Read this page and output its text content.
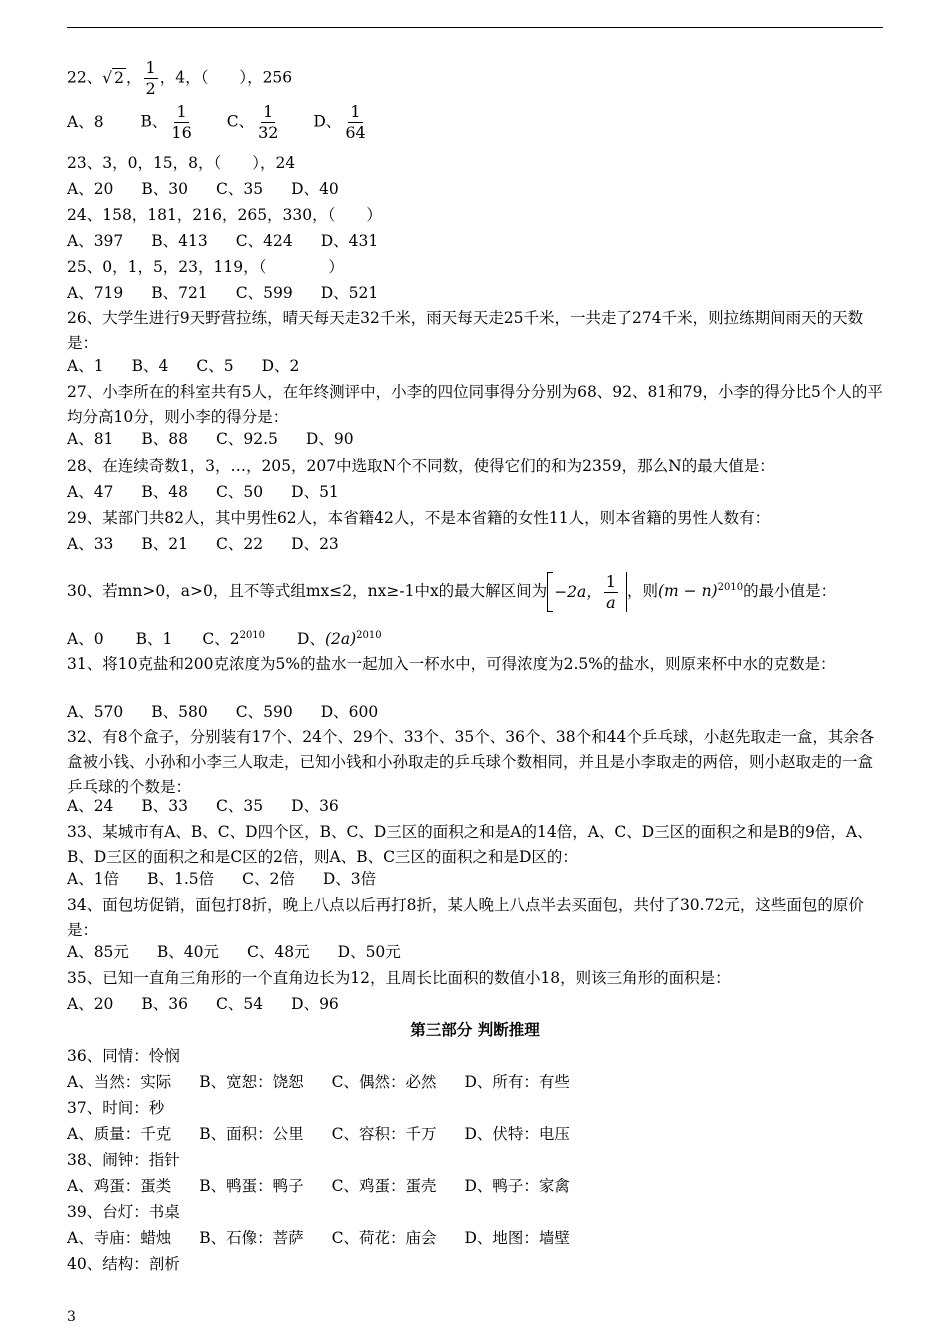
22、√ 2 ， $\frac{1}{2}$ ，4，（　　），256
A、8 B、 $\frac{1}{16}$ C、 $\frac{1}{32}$ D、 $\frac{1}{64}$
23、3，0，15，8，（　　），24
A、20 B、30 C、35 D、40
24、158，181，216，265，330，（　　）
A、397 B、413 C、424 D、431
25、0，1，5，23，119，（　　　　）
A、719 B、721 C、599 D、521
26、大学生进行9天野营拉练，晴天每天走32千米，雨天每天走25千米，一共走了274千米，则拉练期间雨天的天数是：
A、1 B、4 C、5 D、2
27、小李所在的科室共有5人，在年终测评中，小李的四位同事得分分别为68、92、81和79，小李的得分比5个人的平均分高10分，则小李的得分是：
A、81 B、88 C、92.5 D、90
28、在连续奇数1，3，…，205，207中选取N个不同数，使得它们的和为2359，那么N的最大值是：
A、47 B、48 C、50 D、51
29、某部门共82人，其中男性62人，本省籍42人，不是本省籍的女性11人，则本省籍的男性人数有：
A、33 B、21 C、22 D、23
30、若mn>0，a>0，且不等式组mx≤2，nx≥-1中x的最大解区间为 −2a， $\frac{1}{a}$ ，则$(m - n)^{2010}$的最小值是：
A、0 B、1 C、$2^{2010}$ D、$(2a)^{2010}$
31、将10克盐和200克浓度为5%的盐水一起加入一杯水中，可得浓度为2.5%的盐水，则原来杯中水的克数是：
A、570 B、580 C、590 D、600
32、有8个盒子，分别装有17个、24个、29个、33个、35个、36个、38个和44个乒乓球，小赵先取走一盒，其余各盒被小钱、小孙和小李三人取走，已知小钱和小孙取走的乒乓球个数相同，并且是小李取走的两倍，则小赵取走的一盒乒乓球的个数是：
A、24 B、33 C、35 D、36
33、某城市有A、B、C、D四个区，B、C、D三区的面积之和是A的14倍，A、C、D三区的面积之和是B的9倍，A、B、D三区的面积之和是C区的2倍，则A、B、C三区的面积之和是D区的：
A、1倍 B、1.5倍 C、2倍 D、3倍
34、面包坊促销，面包打8折，晚上八点以后再打8折，某人晚上八点半去买面包，共付了30.72元，这些面包的原价是：
A、85元 B、40元 C、48元 D、50元
35、已知一直角三角形的一个直角边长为12，且周长比面积的数值小18，则该三角形的面积是：
A、20 B、36 C、54 D、96
第三部分 判断推理
36、同情：怜悯
A、当然：实际 B、宽恕：饶恕 C、偶然：必然 D、所有：有些
37、时间：秒
A、质量：千克 B、面积：公里 C、容积：千万 D、伏特：电压
38、闹钟：指针
A、鸡蛋：蛋类 B、鸭蛋：鸭子 C、鸡蛋：蛋壳 D、鸭子：家禽
39、台灯：书桌
A、寺庙：蜡烛 B、石像：菩萨 C、荷花：庙会 D、地图：墙壁
40、结构：剖析
3
